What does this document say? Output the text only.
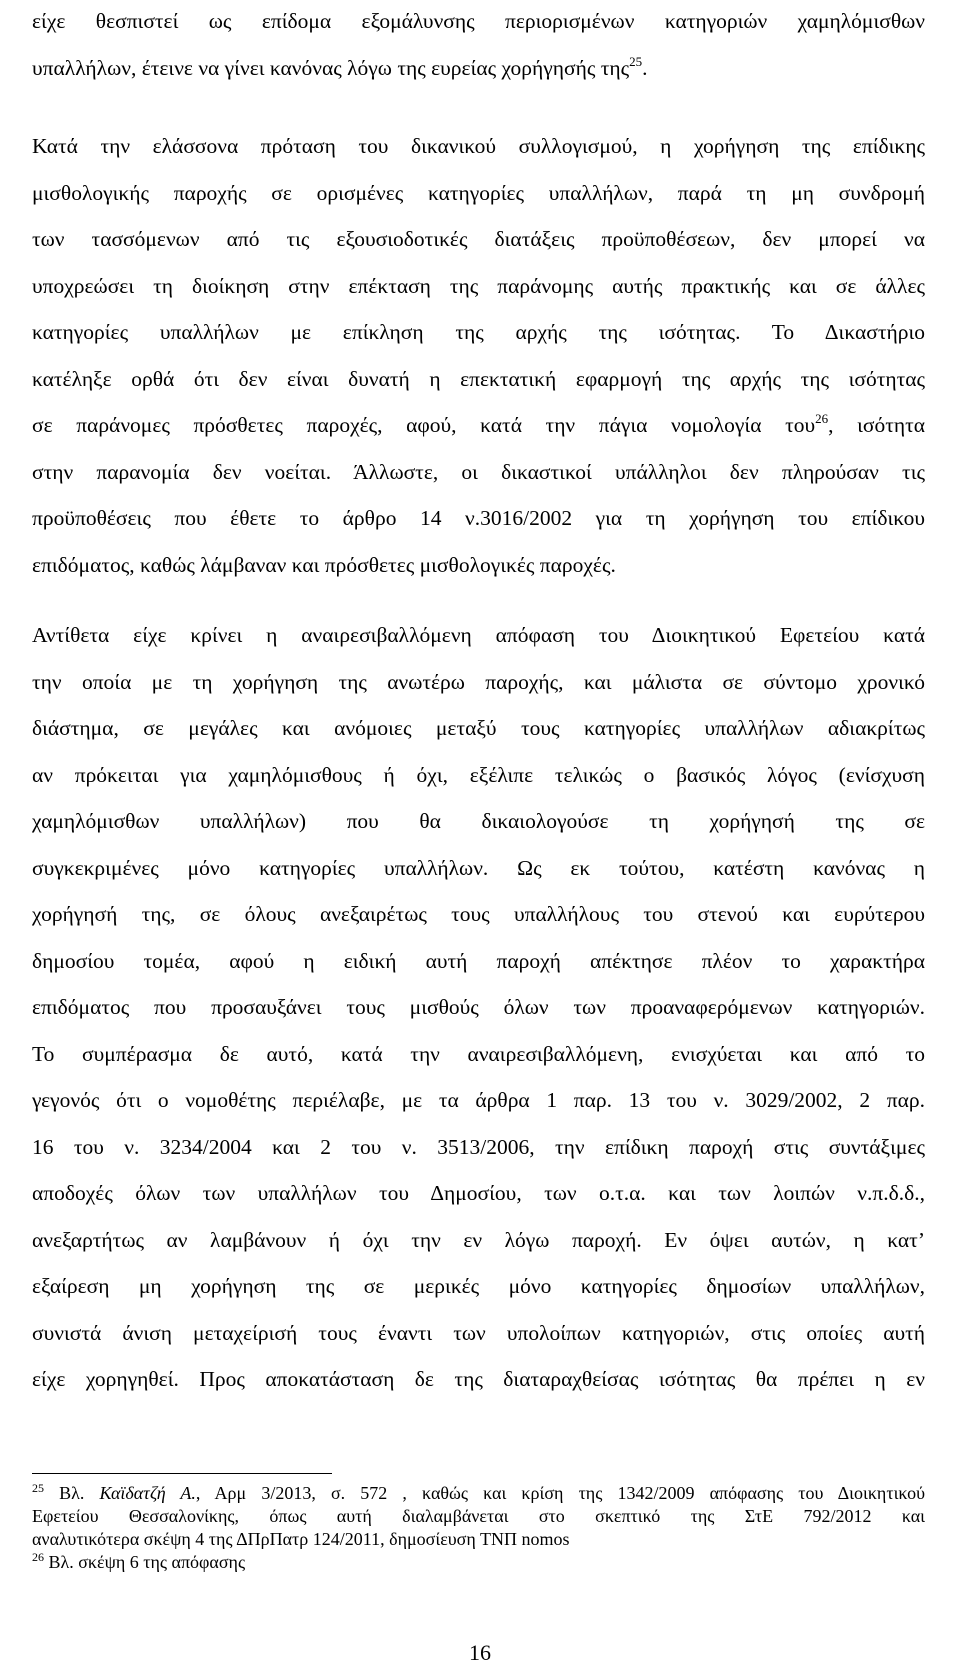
είχε θεσπιστεί ως επίδομα εξομάλυνσης περιορισμένων κατηγοριών χαμηλόμισθων
υπαλλήλων, έτεινε να γίνει κανόνας λόγω της ευρείας χορήγησής της$^{25}$.
Κατά την ελάσσονα πρόταση του δικανικού συλλογισμού, η χορήγηση της επίδικης
μισθολογικής παροχής σε ορισμένες κατηγορίες υπαλλήλων, παρά τη μη συνδρομή
των τασσόμενων από τις εξουσιοδοτικές διατάξεις προϋποθέσεων, δεν μπορεί να
υποχρεώσει τη διοίκηση στην επέκταση της παράνομης αυτής πρακτικής και σε άλλες
κατηγορίες υπαλλήλων με επίκληση της αρχής της ισότητας. Το Δικαστήριο
κατέληξε ορθά ότι δεν είναι δυνατή η επεκτατική εφαρμογή της αρχής της ισότητας
σε παράνομες πρόσθετες παροχές, αφού, κατά την πάγια νομολογία του$^{26}$, ισότητα
στην παρανομία δεν νοείται. Άλλωστε, οι δικαστικοί υπάλληλοι δεν πληρούσαν τις
προϋποθέσεις που έθετε το άρθρο 14 ν.3016/2002 για τη χορήγηση του επίδικου
επιδόματος, καθώς λάμβαναν και πρόσθετες μισθολογικές παροχές.
Αντίθετα είχε κρίνει η αναιρεσιβαλλόμενη απόφαση του Διοικητικού Εφετείου κατά
την οποία με τη χορήγηση της ανωτέρω παροχής, και μάλιστα σε σύντομο χρονικό
διάστημα, σε μεγάλες και ανόμοιες μεταξύ τους κατηγορίες υπαλλήλων αδιακρίτως
αν πρόκειται για χαμηλόμισθους ή όχι, εξέλιπε τελικώς ο βασικός λόγος (ενίσχυση
χαμηλόμισθων υπαλλήλων) που θα δικαιολογούσε τη χορήγησή της σε
συγκεκριμένες μόνο κατηγορίες υπαλλήλων. Ως εκ τούτου, κατέστη κανόνας η
χορήγησή της, σε όλους ανεξαιρέτως τους υπαλλήλους του στενού και ευρύτερου
δημοσίου τομέα, αφού η ειδική αυτή παροχή απέκτησε πλέον το χαρακτήρα
επιδόματος που προσαυξάνει τους μισθούς όλων των προαναφερόμενων κατηγοριών.
Το συμπέρασμα δε αυτό, κατά την αναιρεσιβαλλόμενη, ενισχύεται και από το
γεγονός ότι ο νομοθέτης περιέλαβε, με τα άρθρα 1 παρ. 13 του ν. 3029/2002, 2 παρ.
16 του ν. 3234/2004 και 2 του ν. 3513/2006, την επίδικη παροχή στις συντάξιμες
αποδοχές όλων των υπαλλήλων του Δημοσίου, των ο.τ.α. και των λοιπών ν.π.δ.δ.,
ανεξαρτήτως αν λαμβάνουν ή όχι την εν λόγω παροχή. Εν όψει αυτών, η κατ’
εξαίρεση μη χορήγηση της σε μερικές μόνο κατηγορίες δημοσίων υπαλλήλων,
συνιστά άνιση μεταχείρισή τους έναντι των υπολοίπων κατηγοριών, στις οποίες αυτή
είχε χορηγηθεί. Προς αποκατάσταση δε της διαταραχθείσας ισότητας θα πρέπει η εν
$^{25}$ Βλ. Καϊδατζή Α., Αρμ 3/2013, σ. 572 , καθώς και κρίση της 1342/2009 απόφασης του Διοικητικού
Εφετείου Θεσσαλονίκης, όπως αυτή διαλαμβάνεται στο σκεπτικό της ΣτΕ 792/2012 και
αναλυτικότερα σκέψη 4 της ΔΠρΠατρ 124/2011, δημοσίευση ΤΝΠ nomos
$^{26}$ Βλ. σκέψη 6 της απόφασης
16
